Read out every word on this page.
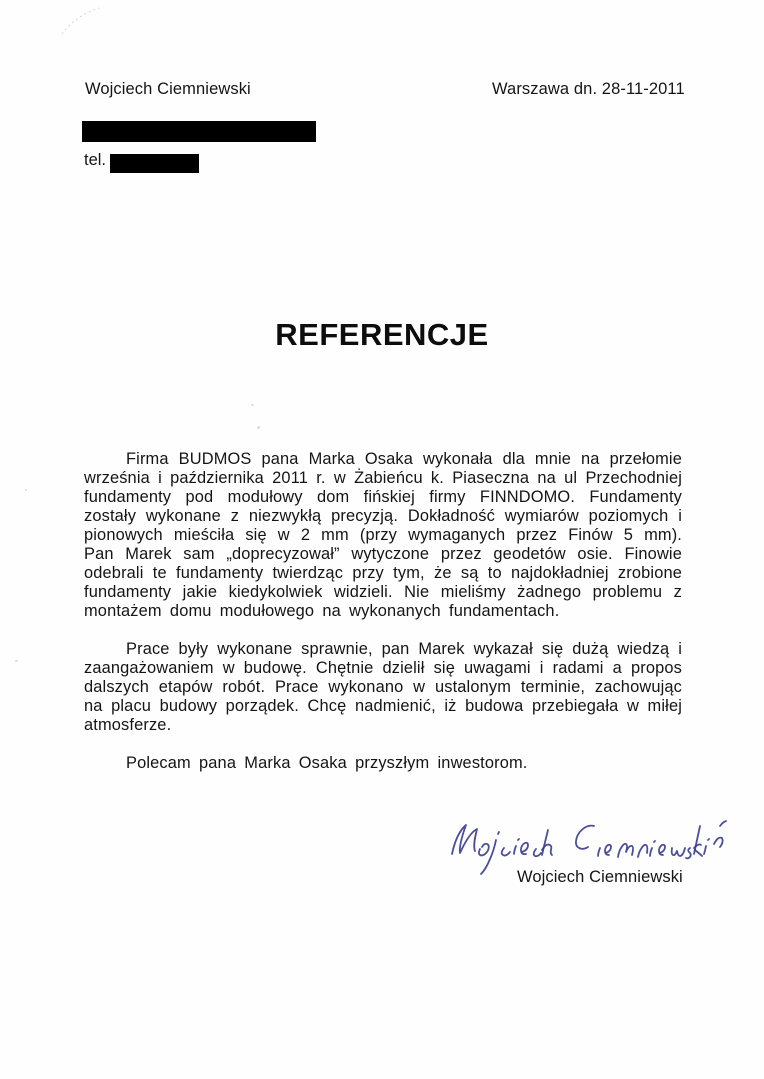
Wojciech Ciemniewski	Warszawa dn. 28-11-2011
tel.
REFERENCJE

Firma BUDMOS pana Marka Osaka wykonała dla mnie na przełomie września i października 2011 r. w Żabieńcu k. Piaseczna na ul Przechodniej fundamenty pod modułowy dom fińskiej firmy FINNDOMO. Fundamenty zostały wykonane z niezwykłą precyzją. Dokładność wymiarów poziomych i pionowych mieściła się w 2 mm (przy wymaganych przez Finów 5 mm). Pan Marek sam „doprecyzował” wytyczone przez geodetów osie. Finowie odebrali te fundamenty twierdząc przy tym, że są to najdokładniej zrobione fundamenty jakie kiedykolwiek widzieli. Nie mieliśmy żadnego problemu z montażem domu modułowego na wykonanych fundamentach.

Prace były wykonane sprawnie, pan Marek wykazał się dużą wiedzą i zaangażowaniem w budowę. Chętnie dzielił się uwagami i radami a propos dalszych etapów robót. Prace wykonano w ustalonym terminie, zachowując na placu budowy porządek. Chcę nadmienić, iż budowa przebiegała w miłej atmosferze.

Polecam pana Marka Osaka przyszłym inwestorom.

Wojciech Ciemniewski
